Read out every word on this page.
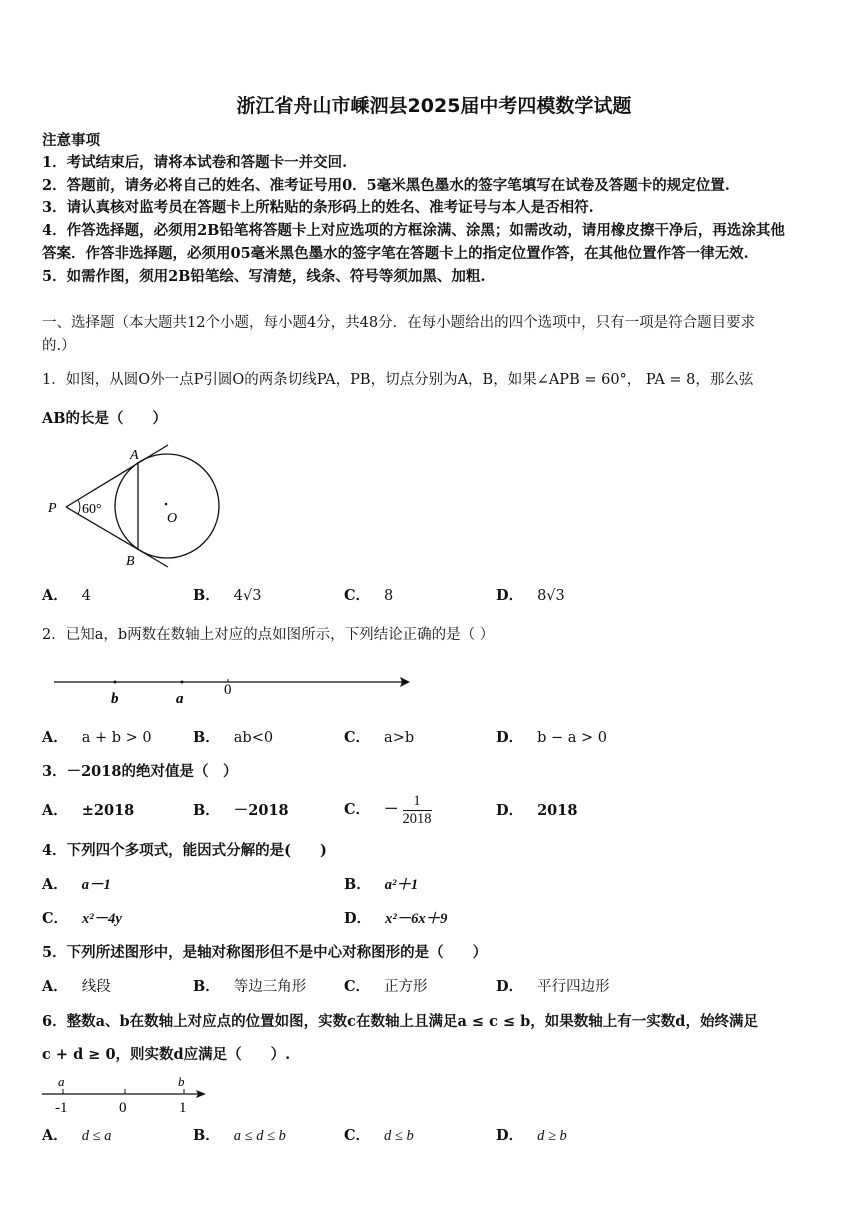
浙江省舟山市嵊泗县2025届中考四模数学试题
注意事项
1．考试结束后，请将本试卷和答题卡一并交回.
2．答题前，请务必将自己的姓名、准考证号用0．5毫米黑色墨水的签字笔填写在试卷及答题卡的规定位置.
3．请认真核对监考员在答题卡上所粘贴的条形码上的姓名、准考证号与本人是否相符.
4．作答选择题，必须用2B铅笔将答题卡上对应选项的方框涂满、涂黑；如需改动，请用橡皮擦干净后，再选涂其他
答案．作答非选择题，必须用05毫米黑色墨水的签字笔在答题卡上的指定位置作答，在其他位置作答一律无效.
5．如需作图，须用2B铅笔绘、写清楚，线条、符号等须加黑、加粗.
一、选择题（本大题共12个小题，每小题4分，共48分．在每小题给出的四个选项中，只有一项是符合题目要求
的.）
1．如图，从圆O外一点P引圆O的两条切线PA，PB，切点分别为A，B，如果∠APB = 60°， PA = 8，那么弦
AB的长是（　　）
A
B
P
O
60°
A． 4	B． 4√3	C． 8	D． 8√3
2．已知a，b两数在数轴上对应的点如图所示，下列结论正确的是（ ）
b	a
0
A． a + b > 0	B． ab<0	C． a>b	D． b − a > 0
3．－2018的绝对值是（　）
A． ±2018	B． －2018	C． － $\frac{1}{2018}$	D． 2018
4．下列四个多项式，能因式分解的是(　　)
A． a－1	B． a²＋1
C． x²－4y	D． x²－6x＋9
5．下列所述图形中，是轴对称图形但不是中心对称图形的是（　　）
A． 线段	B． 等边三角形	C． 正方形	D． 平行四边形
6．整数a、b在数轴上对应点的位置如图，实数c在数轴上且满足a ≤ c ≤ b，如果数轴上有一实数d，始终满足
c + d ≥ 0，则实数d应满足（　　）.
a	b
-1	0	1
A． d ≤ a	B． a ≤ d ≤ b	C． d ≤ b	D． d ≥ b
